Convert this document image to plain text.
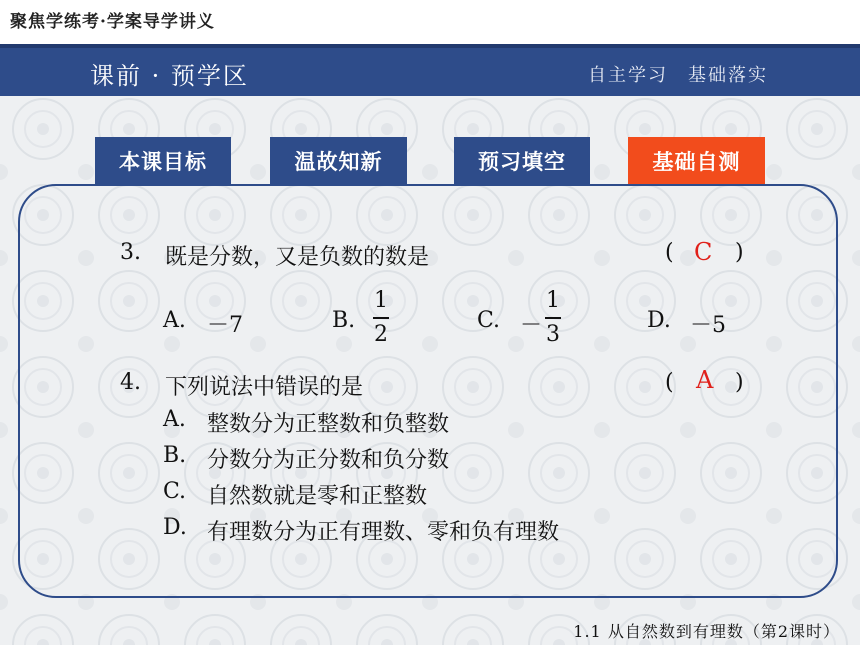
聚焦学练考·学案导学讲义
课前 · 预学区	自主学习　基础落实
本课目标	温故知新	预习填空	基础自测
3. 既是分数，又是负数的数是	( C )
A. －7	B.
1
2
C. －
1
3
D. －5
4. 下列说法中错误的是	( A )
A. 整数分为正整数和负整数
B. 分数分为正分数和负分数
C. 自然数就是零和正整数
D. 有理数分为正有理数、零和负有理数
1.1 从自然数到有理数（第2课时）
